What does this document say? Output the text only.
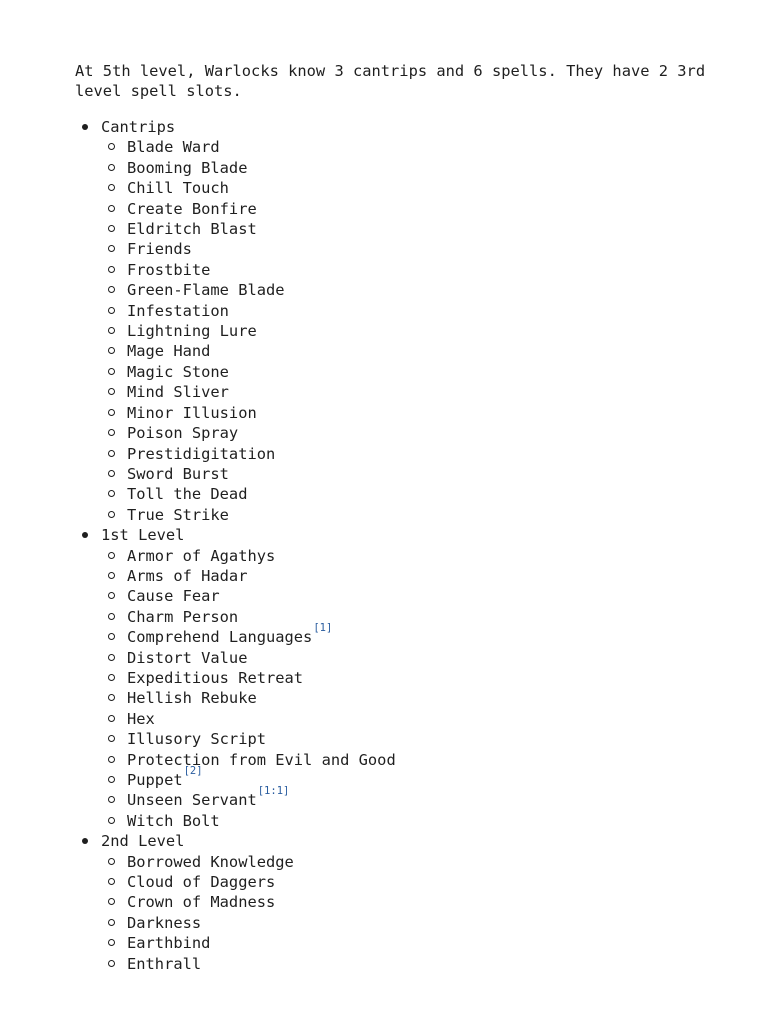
At 5th level, Warlocks know 3 cantrips and 6 spells. They have 2 3rd level spell slots.

Cantrips
Blade Ward
Booming Blade
Chill Touch
Create Bonfire
Eldritch Blast
Friends
Frostbite
Green-Flame Blade
Infestation
Lightning Lure
Mage Hand
Magic Stone
Mind Sliver
Minor Illusion
Poison Spray
Prestidigitation
Sword Burst
Toll the Dead
True Strike
1st Level
Armor of Agathys
Arms of Hadar
Cause Fear
Charm Person
Comprehend Languages[1]
Distort Value
Expeditious Retreat
Hellish Rebuke
Hex
Illusory Script
Protection from Evil and Good
Puppet[2]
Unseen Servant[1:1]
Witch Bolt
2nd Level
Borrowed Knowledge
Cloud of Daggers
Crown of Madness
Darkness
Earthbind
Enthrall
